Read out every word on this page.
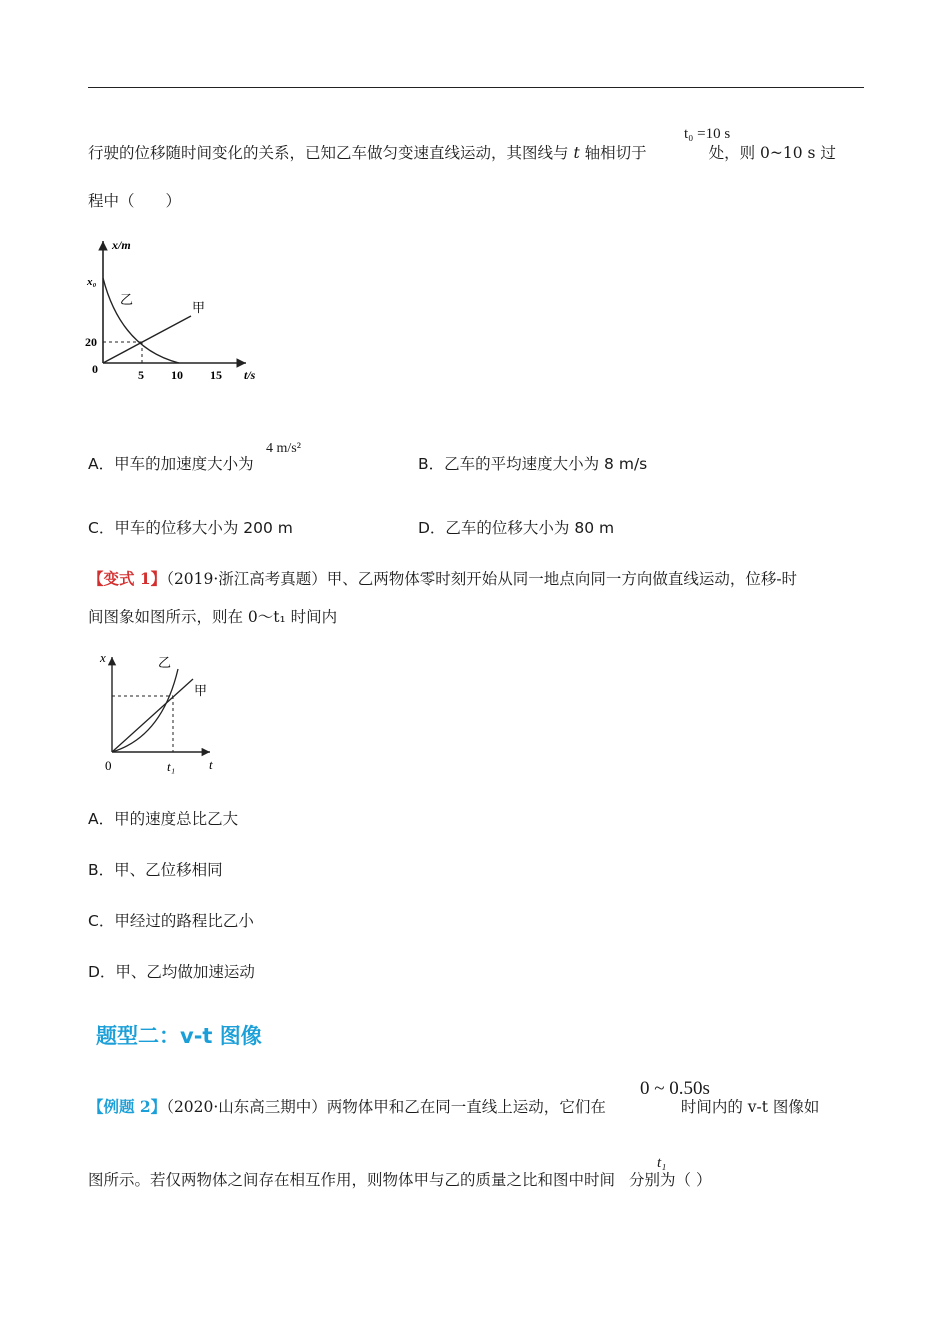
行驶的位移随时间变化的关系，已知乙车做匀变速直线运动，其图线与 t 轴相切于	处，则 0~10 s 过
t₀ =10 s
程中（　　）
x/m
x₀
20
0	5 10 15 t/s
乙
甲
A．甲车的加速度大小为
4 m/s²
B．乙车的平均速度大小为 8 m/s
C．甲车的位移大小为 200 m	D．乙车的位移大小为 80 m
【变式 1】（2019·浙江高考真题）甲、乙两物体零时刻开始从同一地点向同一方向做直线运动，位移-时
间图象如图所示，则在 0～t₁ 时间内
x	乙
甲
0	t₁	t
A．甲的速度总比乙大
B．甲、乙位移相同
C．甲经过的路程比乙小
D．甲、乙均做加速运动
题型二：v-t 图像
【例题 2】（2020·山东高三期中）两物体甲和乙在同一直线上运动，它们在	时间内的 v-t 图像如
0 ~ 0.50s
图所示。若仅两物体之间存在相互作用，则物体甲与乙的质量之比和图中时间 分别为（ ）
t₁
